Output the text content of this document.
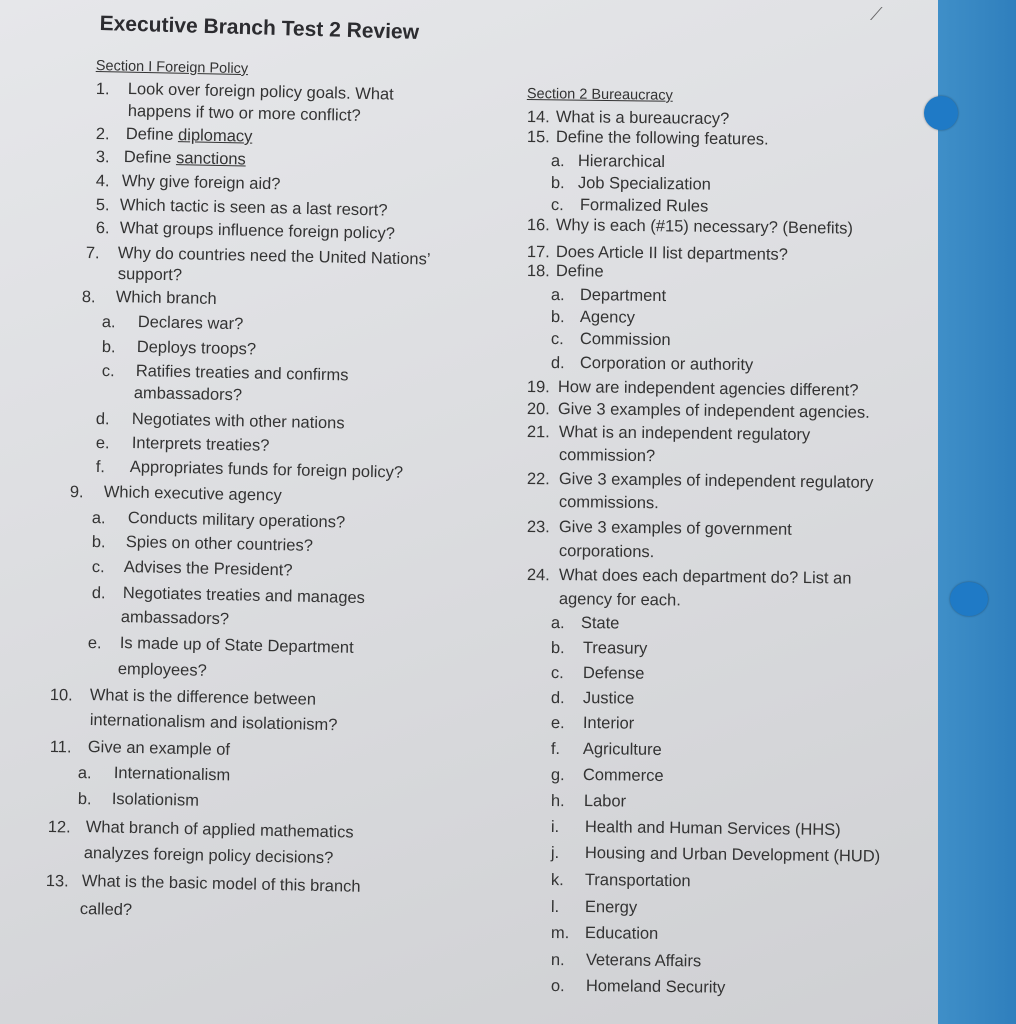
⟋
Executive Branch Test 2 Review
Section I Foreign Policy
1. Look over foreign policy goals. What
happens if two or more conflict?
2. Define diplomacy
3. Define sanctions
4. Why give foreign aid?
5. Which tactic is seen as a last resort?
6. What groups influence foreign policy?
7. Why do countries need the United Nations’
support?
8. Which branch
a. Declares war?
b. Deploys troops?
c. Ratifies treaties and confirms
ambassadors?
d. Negotiates with other nations
e. Interprets treaties?
f. Appropriates funds for foreign policy?
9. Which executive agency
a. Conducts military operations?
b. Spies on other countries?
c. Advises the President?
d. Negotiates treaties and manages
ambassadors?
e. Is made up of State Department
employees?
10. What is the difference between
internationalism and isolationism?
11. Give an example of
a. Internationalism
b. Isolationism
12. What branch of applied mathematics
analyzes foreign policy decisions?
13. What is the basic model of this branch
called?
Section 2 Bureaucracy
14. What is a bureaucracy?
15. Define the following features.
a. Hierarchical
b. Job Specialization
c. Formalized Rules
16. Why is each (#15) necessary? (Benefits)
17. Does Article II list departments?
18. Define
a. Department
b. Agency
c. Commission
d. Corporation or authority
19. How are independent agencies different?
20. Give 3 examples of independent agencies.
21. What is an independent regulatory
commission?
22. Give 3 examples of independent regulatory
commissions.
23. Give 3 examples of government
corporations.
24. What does each department do? List an
agency for each.
a. State
b. Treasury
c. Defense
d. Justice
e. Interior
f. Agriculture
g. Commerce
h. Labor
i. Health and Human Services (HHS)
j. Housing and Urban Development (HUD)
k. Transportation
l. Energy
m. Education
n. Veterans Affairs
o. Homeland Security
